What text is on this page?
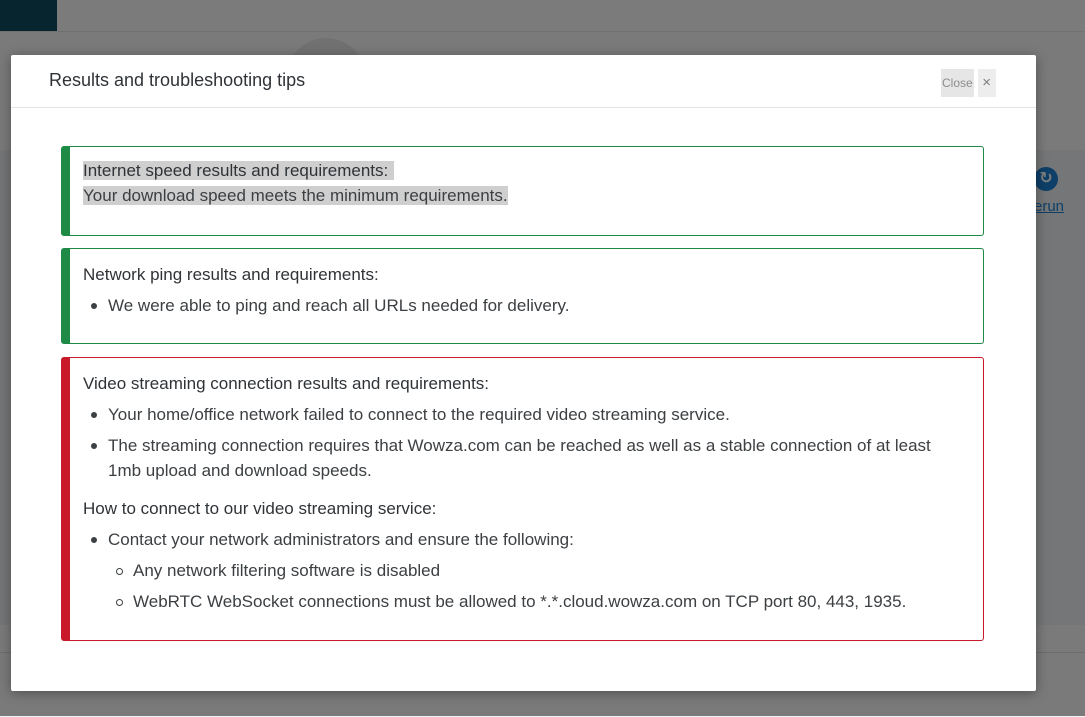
Results and troubleshooting tips	Close ×
Internet speed results and requirements:
Your download speed meets the minimum requirements.
Network ping results and requirements:
We were able to ping and reach all URLs needed for delivery.
Video streaming connection results and requirements:
Your home/office network failed to connect to the required video streaming service.
The streaming connection requires that Wowza.com can be reached as well as a stable connection of at least 1mb upload and download speeds.
How to connect to our video streaming service:
Contact your network administrators and ensure the following:
Any network filtering software is disabled
WebRTC WebSocket connections must be allowed to *.*.cloud.wowza.com on TCP port 80, 443, 1935.
